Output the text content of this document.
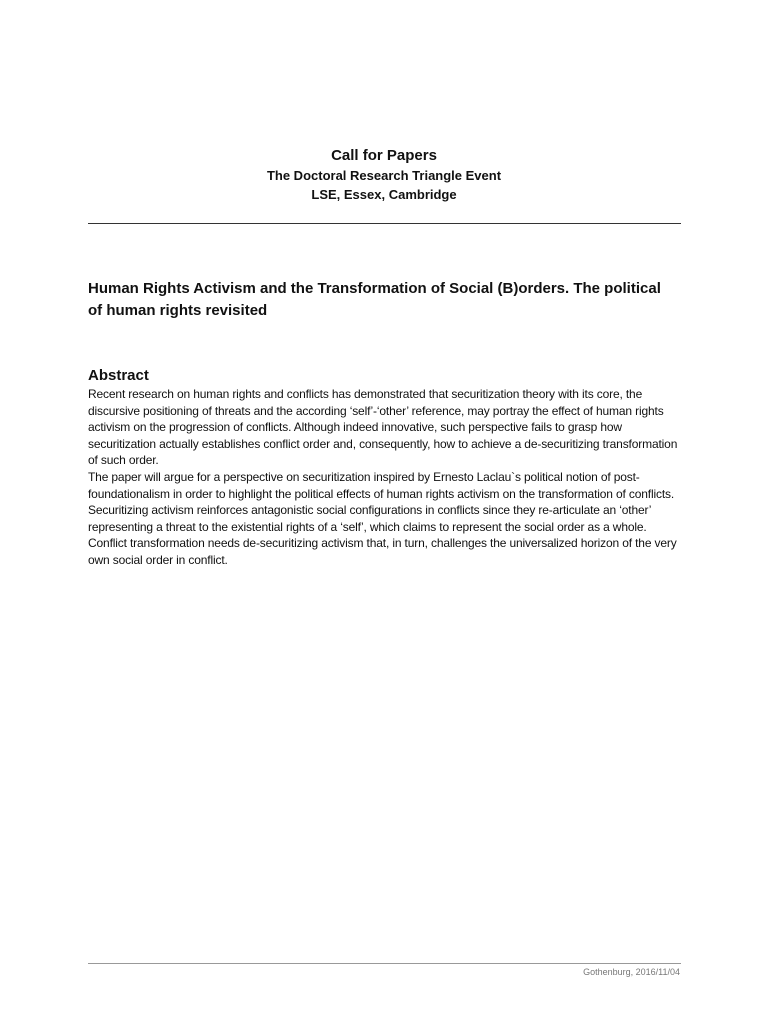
Call for Papers
The Doctoral Research Triangle Event
LSE, Essex, Cambridge
Human Rights Activism and the Transformation of Social (B)orders. The political
of human rights revisited
Abstract

Recent research on human rights and conflicts has demonstrated that securitization theory with its core, the discursive positioning of threats and the according ‘self’-‘other’ reference, may portray the effect of human rights activism on the progression of conflicts. Although indeed innovative, such perspective fails to grasp how securitization actually establishes conflict order and, consequently, how to achieve a de-securitizing transformation of such order.

The paper will argue for a perspective on securitization inspired by Ernesto Laclau`s political notion of post-foundationalism in order to highlight the political effects of human rights activism on the transformation of conflicts. Securitizing activism reinforces antagonistic social configurations in conflicts since they re-articulate an ‘other’ representing a threat to the existential rights of a ‘self’, which claims to represent the social order as a whole. Conflict transformation needs de-securitizing activism that, in turn, challenges the universalized horizon of the very own social order in conflict.

Gothenburg, 2016/11/04
